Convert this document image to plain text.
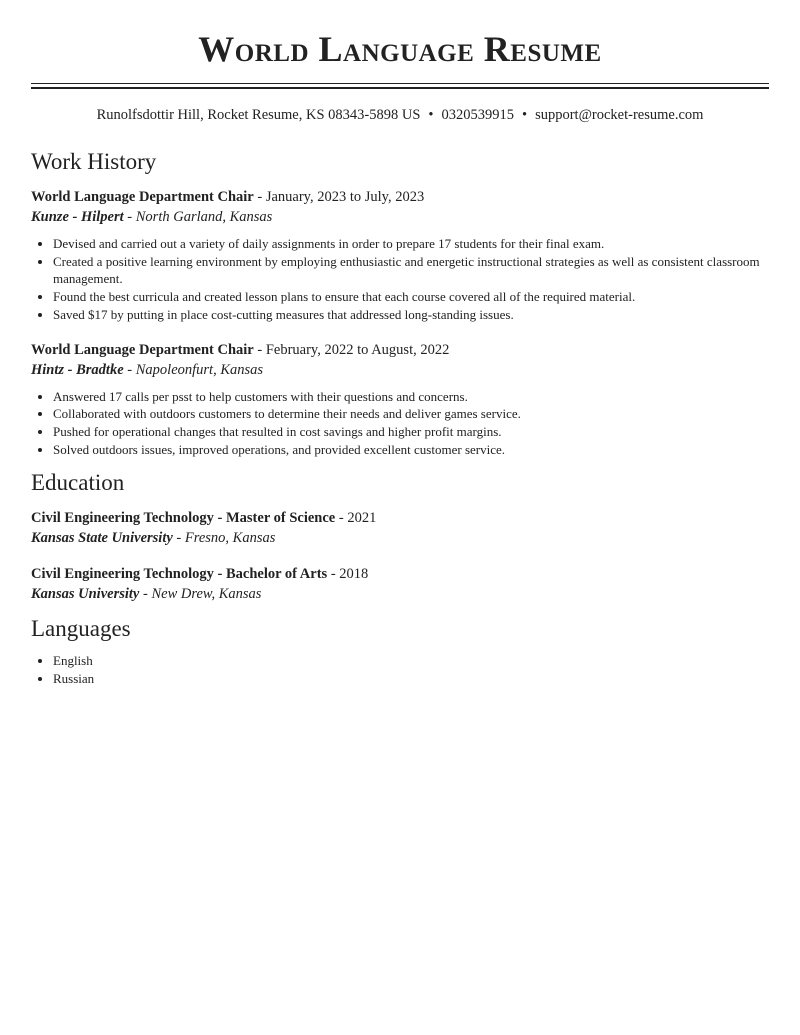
World Language Resume
Runolfsdottir Hill, Rocket Resume, KS 08343-5898 US • 0320539915 • support@rocket-resume.com
Work History
World Language Department Chair - January, 2023 to July, 2023
Kunze - Hilpert - North Garland, Kansas
• Devised and carried out a variety of daily assignments in order to prepare 17 students for their final exam.
• Created a positive learning environment by employing enthusiastic and energetic instructional strategies as well as consistent classroom management.
• Found the best curricula and created lesson plans to ensure that each course covered all of the required material.
• Saved $17 by putting in place cost-cutting measures that addressed long-standing issues.
World Language Department Chair - February, 2022 to August, 2022
Hintz - Bradtke - Napoleonfurt, Kansas
• Answered 17 calls per psst to help customers with their questions and concerns.
• Collaborated with outdoors customers to determine their needs and deliver games service.
• Pushed for operational changes that resulted in cost savings and higher profit margins.
• Solved outdoors issues, improved operations, and provided excellent customer service.
Education
Civil Engineering Technology - Master of Science - 2021
Kansas State University - Fresno, Kansas
Civil Engineering Technology - Bachelor of Arts - 2018
Kansas University - New Drew, Kansas
Languages
• English
• Russian
